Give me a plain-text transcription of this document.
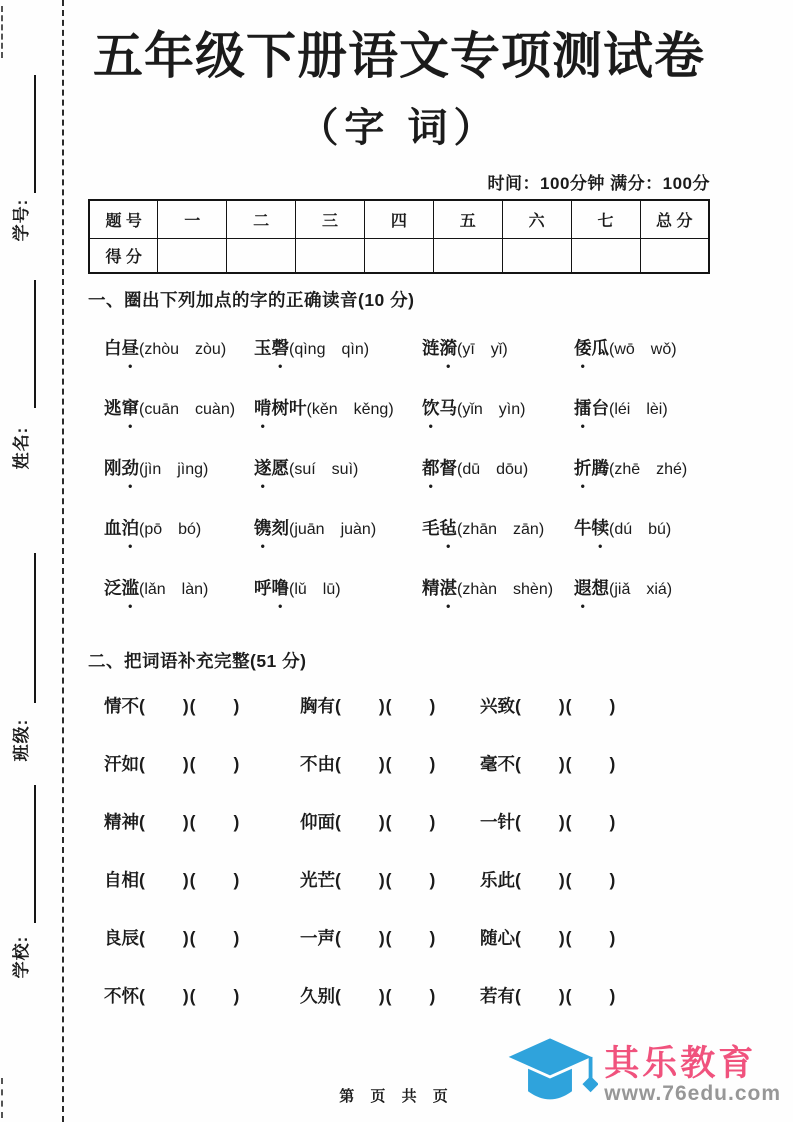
学号:
姓名:
班级:
学校:
五年级下册语文专项测试卷
（字 词）
时间：100分钟 满分：100分
题 号	一	二	三	四	五	六	七	总 分
得 分								
一、圈出下列加点的字的正确读音(10 分)
白昼(zhòu  zòu)	玉磬(qìng  qìn)	涟漪(yī  yǐ)	倭瓜(wō  wǒ)
逃窜(cuān  cuàn)	啃树叶(kěn  kěng)	饮马(yǐn  yìn)	擂台(léi  lèi)
刚劲(jìn  jìng)	遂愿(suí  suì)	都督(dū  dōu)	折腾(zhē  zhé)
血泊(pō  bó)	镌刻(juān  juàn)	毛毡(zhān  zān)	牛犊(dú  bú)
泛滥(lǎn  làn)	呼噜(lǔ  lū)	精湛(zhàn  shèn)	遐想(jiǎ  xiá)
二、把词语补充完整(51 分)
情不(　　)(　　)	胸有(　　)(　　)	兴致(　　)(　　)
汗如(　　)(　　)	不由(　　)(　　)	毫不(　　)(　　)
精神(　　)(　　)	仰面(　　)(　　)	一针(　　)(　　)
自相(　　)(　　)	光芒(　　)(　　)	乐此(　　)(　　)
良辰(　　)(　　)	一声(　　)(　　)	随心(　　)(　　)
不怀(　　)(　　)	久别(　　)(　　)	若有(　　)(　　)
第 页 共 页
其乐教育
www.76edu.com
